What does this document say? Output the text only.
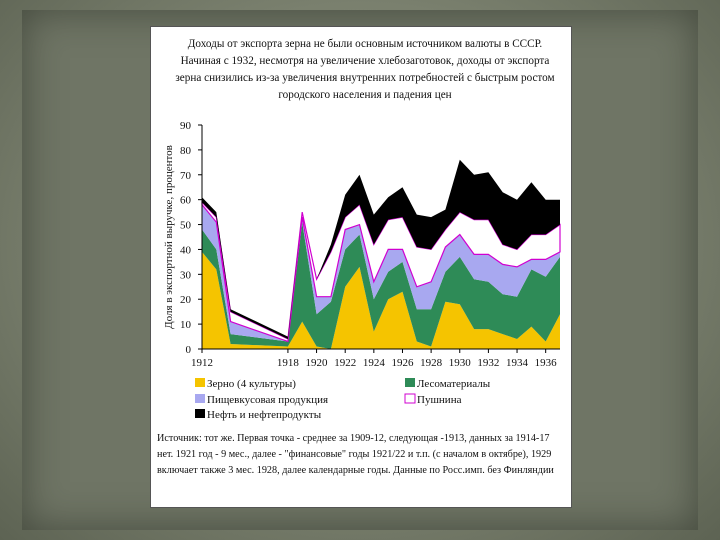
Доходы от экспорта зерна не были основным источником валюты в СССР. Начиная с 1932, несмотря на увеличение хлебозаготовок, доходы от экспорта зерна снизились из-за увеличения внутренних потребностей с быстрым ростом городского населения и падения цен

0
10
20
30
40
50
60
70
80
90
1912	1918 1920 1922 1924 1926 1928 1930 1932 1934 1936
Доля в экспортной выручке, процентов
Зерно (4 культуры)
Пищевкусовая продукция
Нефть и нефтепродукты
Лесоматериалы
Пушнина

Источник: тот же. Первая точка - среднее за 1909-12, следующая -1913, данных за 1914-17 нет. 1921 год - 9 мес., далее - "финансовые" годы 1921/22 и т.п. (с началом в октябре), 1929 включает также 3 мес. 1928, далее календарные годы. Данные по Росс.имп. без Финляндии
